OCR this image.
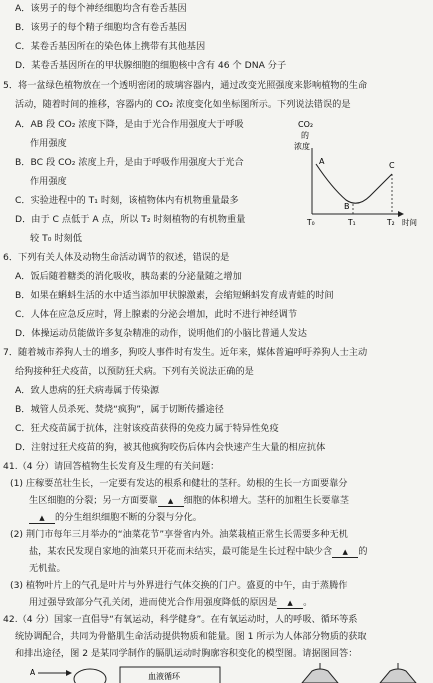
A．该男子的每个神经细胞均含有卷舌基因
B．该男子的每个精子细胞均含有卷舌基因
C．某卷舌基因所在的染色体上携带有其他基因
D．某卷舌基因所在的甲状腺细胞的细胞核中含有 46 个 DNA 分子
5．将一盆绿色植物放在一个透明密闭的玻璃容器内，通过改变光照强度来影响植物的生命
活动，随着时间的推移，容器内的 CO₂ 浓度变化如坐标图所示。下列说法错误的是
A．AB 段 CO₂ 浓度下降，是由于光合作用强度大于呼吸
作用强度
B．BC 段 CO₂ 浓度上升，是由于呼吸作用强度大于光合
作用强度
C．实验进程中的 T₁ 时刻，该植物体内有机物重量最多
D．由于 C 点低于 A 点，所以 T₂ 时刻植物的有机物重量
较 T₀ 时刻低
CO₂
的
浓度
A
B
C
T₀	T₁	T₂ 时间
6．下列有关人体及动物生命活动调节的叙述，错误的是
A．饭后随着糖类的消化吸收，胰岛素的分泌量随之增加
B．如果在蝌蚪生活的水中适当添加甲状腺激素，会缩短蝌蚪发育成青蛙的时间
C．人体在应急反应时，肾上腺素的分泌会增加，此时不进行神经调节
D．体操运动员能做许多复杂精准的动作，说明他们的小脑比普通人发达
7．随着城市养狗人士的增多，狗咬人事件时有发生。近年来，媒体普遍呼吁养狗人士主动
给狗接种狂犬疫苗，以预防狂犬病。下列有关说法正确的是
A．致人患病的狂犬病毒属于传染源
B．城管人员杀死、焚烧“疯狗”，属于切断传播途径
C．狂犬疫苗属于抗体，注射该疫苗获得的免疫力属于特异性免疫
D．注射过狂犬疫苗的狗，被其他疯狗咬伤后体内会快速产生大量的相应抗体
41.（4 分）请回答植物生长发育及生理的有关问题：
(1) 庄稼要茁壮生长，一定要有发达的根系和健壮的茎秆。幼根的生长一方面要靠分
生区细胞的分裂；另一方面要靠 ▲ 细胞的体积增大。茎秆的加粗生长要靠茎
▲ 的分生组织细胞不断的分裂与分化。
(2) 荆门市每年三月举办的“油菜花节”享誉省内外。油菜栽植正常生长需要多种无机
盐，某农民发现自家地的油菜只开花而未结实，最可能是生长过程中缺少含 ▲ 的
无机盐。
(3) 植物叶片上的气孔是叶片与外界进行气体交换的门户。盛夏的中午，由于蒸腾作
用过强导致部分气孔关闭，进而使光合作用强度降低的原因是 ▲ 。
42.（4 分）国家一直倡导“有氧运动，科学健身”。在有氧运动时，人的呼吸、循环等系
统协调配合，共同为骨骼肌生命活动提供物质和能量。图 1 所示为人体部分物质的获取
和排出途径，图 2 是某同学制作的膈肌运动时胸廓容积变化的模型图。请据图回答：
A	血液循环
